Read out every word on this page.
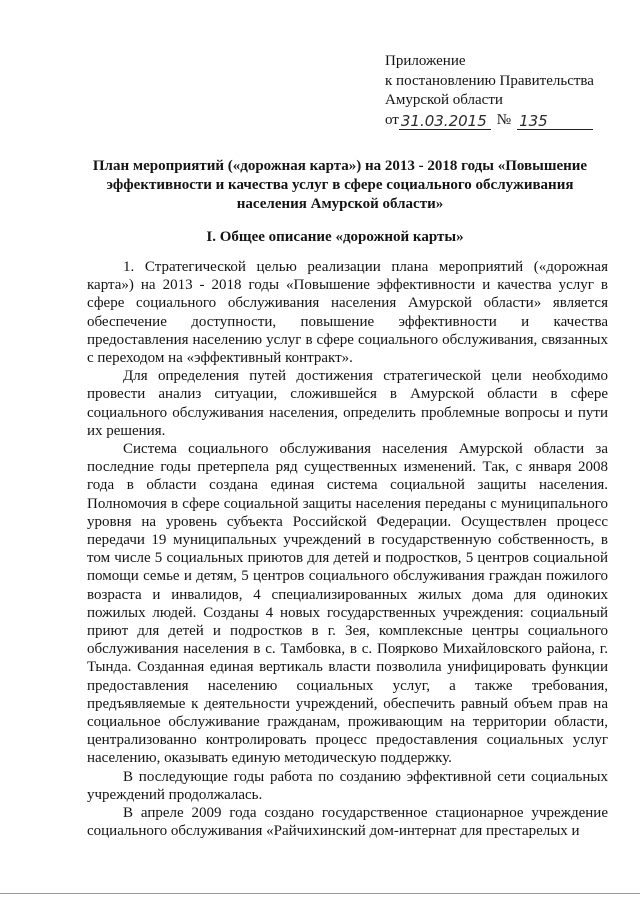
Приложение
к постановлению Правительства
Амурской области
от 31.03.2015 № 135
План мероприятий («дорожная карта») на 2013 - 2018 годы «Повышение эффективности и качества услуг в сфере социального обслуживания населения Амурской области»
I. Общее описание «дорожной карты»

1. Стратегической целью реализации плана мероприятий («дорожная карта») на 2013 - 2018 годы «Повышение эффективности и качества услуг в сфере социального обслуживания населения Амурской области» является обеспечение доступности, повышение эффективности и качества предоставления населению услуг в сфере социального обслуживания, связанных с переходом на «эффективный контракт».

Для определения путей достижения стратегической цели необходимо провести анализ ситуации, сложившейся в Амурской области в сфере социального обслуживания населения, определить проблемные вопросы и пути их решения.

Система социального обслуживания населения Амурской области за последние годы претерпела ряд существенных изменений. Так, с января 2008 года в области создана единая система социальной защиты населения. Полномочия в сфере социальной защиты населения переданы с муниципального уровня на уровень субъекта Российской Федерации. Осуществлен процесс передачи 19 муниципальных учреждений в государственную собственность, в том числе 5 социальных приютов для детей и подростков, 5 центров социальной помощи семье и детям, 5 центров социального обслуживания граждан пожилого возраста и инвалидов, 4 специализированных жилых дома для одиноких пожилых людей. Созданы 4 новых государственных учреждения: социальный приют для детей и подростков в г. Зея, комплексные центры социального обслуживания населения в с. Тамбовка, в с. Поярково Михайловского района, г. Тында. Созданная единая вертикаль власти позволила унифицировать функции предоставления населению социальных услуг, а также требования, предъявляемые к деятельности учреждений, обеспечить равный объем прав на социальное обслуживание гражданам, проживающим на территории области, централизованно контролировать процесс предоставления социальных услуг населению, оказывать единую методическую поддержку.

В последующие годы работа по созданию эффективной сети социальных учреждений продолжалась.

В апреле 2009 года создано государственное стационарное учреждение социального обслуживания «Райчихинский дом-интернат для престарелых и
